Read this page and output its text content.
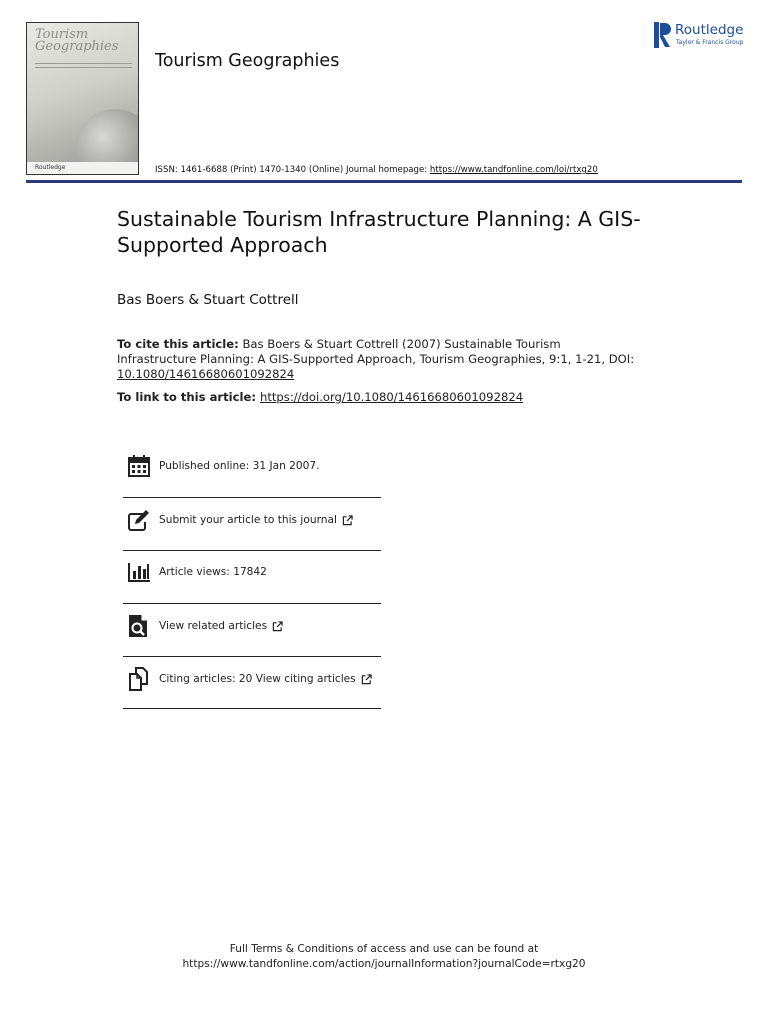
Tourism
Geographies
Routledge
Tourism Geographies
Routledge
Taylor & Francis Group
ISSN: 1461-6688 (Print) 1470-1340 (Online) Journal homepage: https://www.tandfonline.com/loi/rtxg20
Sustainable Tourism Infrastructure Planning: A GIS-Supported Approach
Bas Boers & Stuart Cottrell
To cite this article: Bas Boers & Stuart Cottrell (2007) Sustainable Tourism Infrastructure Planning: A GIS-Supported Approach, Tourism Geographies, 9:1, 1-21, DOI: 10.1080/14616680601092824
To link to this article: https://doi.org/10.1080/14616680601092824
Published online: 31 Jan 2007.
Submit your article to this journal
Article views: 17842
View related articles
Citing articles: 20 View citing articles
Full Terms & Conditions of access and use can be found at
https://www.tandfonline.com/action/journalInformation?journalCode=rtxg20
